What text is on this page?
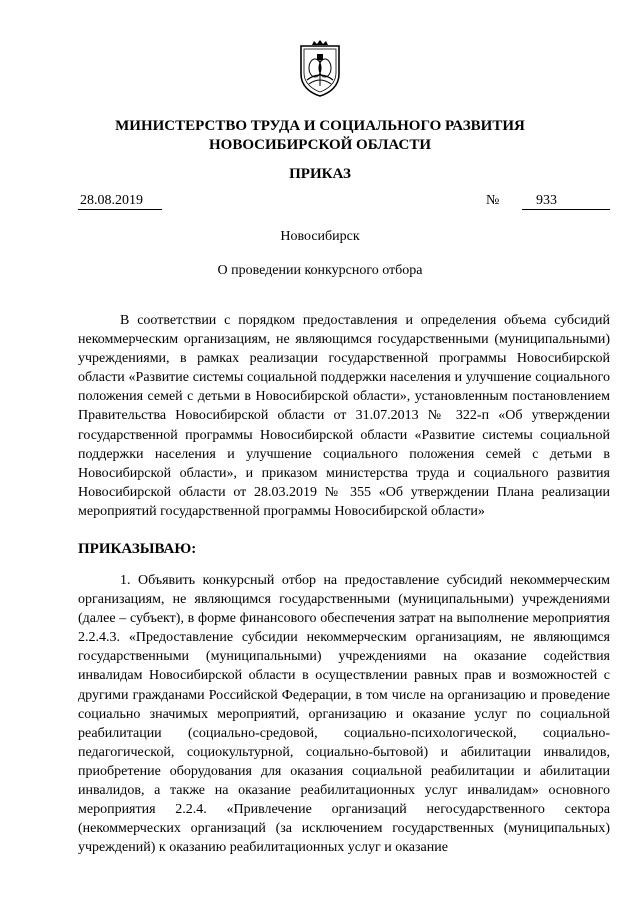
МИНИСТЕРСТВО ТРУДА И СОЦИАЛЬНОГО РАЗВИТИЯ
НОВОСИБИРСКОЙ ОБЛАСТИ
ПРИКАЗ
28.08.2019	№	933
Новосибирск
О проведении конкурсного отбора
В соответствии с порядком предоставления и определения объема субсидий некоммерческим организациям, не являющимся государственными (муниципальными) учреждениями, в рамках реализации государственной программы Новосибирской области «Развитие системы социальной поддержки населения и улучшение социального положения семей с детьми в Новосибирской области», установленным постановлением Правительства Новосибирской области от 31.07.2013 № 322-п «Об утверждении государственной программы Новосибирской области «Развитие системы социальной поддержки населения и улучшение социального положения семей с детьми в Новосибирской области», и приказом министерства труда и социального развития Новосибирской области от 28.03.2019 № 355 «Об утверждении Плана реализации мероприятий государственной программы Новосибирской области»
ПРИКАЗЫВАЮ:
1. Объявить конкурсный отбор на предоставление субсидий некоммерческим организациям, не являющимся государственными (муниципальными) учреждениями (далее – субъект), в форме финансового обеспечения затрат на выполнение мероприятия 2.2.4.3. «Предоставление субсидии некоммерческим организациям, не являющимся государственными (муниципальными) учреждениями на оказание содействия инвалидам Новосибирской области в осуществлении равных прав и возможностей с другими гражданами Российской Федерации, в том числе на организацию и проведение социально значимых мероприятий, организацию и оказание услуг по социальной реабилитации (социально-средовой, социально-психологической, социально-педагогической, социокультурной, социально-бытовой) и абилитации инвалидов, приобретение оборудования для оказания социальной реабилитации и абилитации инвалидов, а также на оказание реабилитационных услуг инвалидам» основного мероприятия 2.2.4. «Привлечение организаций негосударственного сектора (некоммерческих организаций (за исключением государственных (муниципальных) учреждений) к оказанию реабилитационных услуг и оказание
